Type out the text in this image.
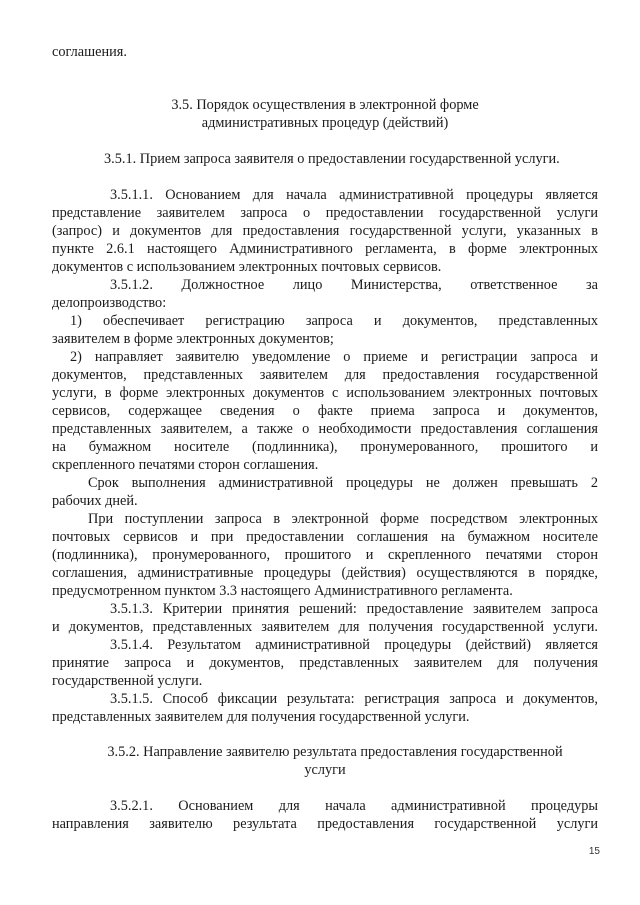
соглашения.
3.5. Порядок осуществления в электронной форме
административных процедур (действий)
3.5.1. Прием запроса заявителя о предоставлении государственной услуги.
3.5.1.1. Основанием для начала административной процедуры является
представление заявителем запроса о предоставлении государственной услуги
(запрос) и документов для предоставления государственной услуги, указанных в
пункте 2.6.1 настоящего Административного регламента, в форме электронных
документов с использованием электронных почтовых сервисов.
3.5.1.2. Должностное лицо Министерства, ответственное за
делопроизводство:
1) обеспечивает регистрацию запроса и документов, представленных
заявителем в форме электронных документов;
2) направляет заявителю уведомление о приеме и регистрации запроса и
документов, представленных заявителем для предоставления государственной
услуги, в форме электронных документов с использованием электронных почтовых
сервисов, содержащее сведения о факте приема запроса и документов,
представленных заявителем, а также о необходимости предоставления соглашения
на бумажном носителе (подлинника), пронумерованного, прошитого и
скрепленного печатями сторон соглашения.
Срок выполнения административной процедуры не должен превышать 2
рабочих дней.
При поступлении запроса в электронной форме посредством электронных
почтовых сервисов и при предоставлении соглашения на бумажном носителе
(подлинника), пронумерованного, прошитого и скрепленного печатями сторон
соглашения, административные процедуры (действия) осуществляются в порядке,
предусмотренном пунктом 3.3 настоящего Административного регламента.
3.5.1.3. Критерии принятия решений: предоставление заявителем запроса
и документов, представленных заявителем для получения государственной услуги.
3.5.1.4. Результатом административной процедуры (действий) является
принятие запроса и документов, представленных заявителем для получения
государственной услуги.
3.5.1.5. Способ фиксации результата: регистрация запроса и документов,
представленных заявителем для получения государственной услуги.
3.5.2. Направление заявителю результата предоставления государственной
услуги
3.5.2.1. Основанием для начала административной процедуры
направления заявителю результата предоставления государственной услуги
15
